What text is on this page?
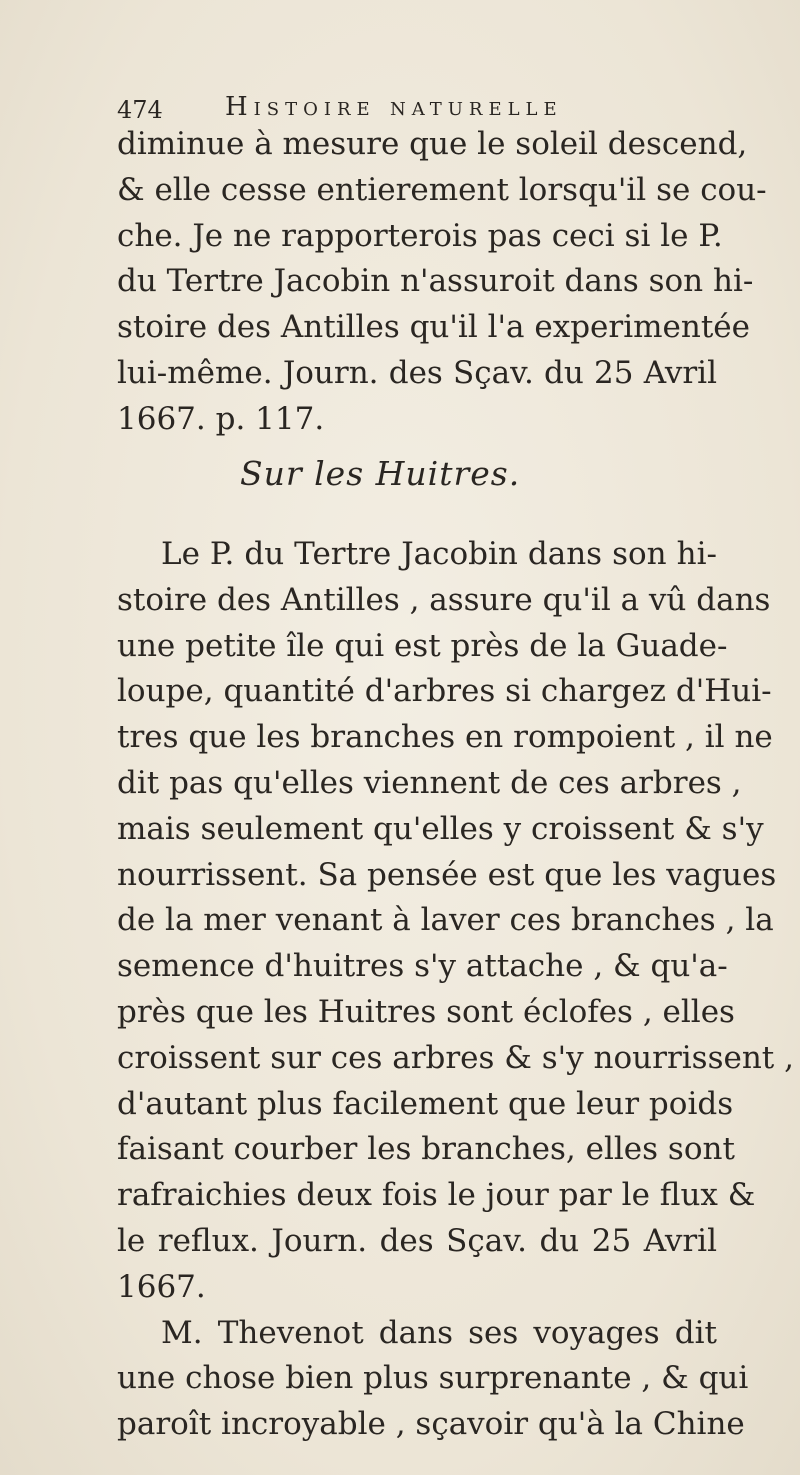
474 Histoire naturelle
diminue à mesure que le soleil descend,
& elle cesse entierement lorsqu'il se cou-
che. Je ne rapporterois pas ceci si le P.
du Tertre Jacobin n'assuroit dans son hi-
stoire des Antilles qu'il l'a experimentée
lui-même. Journ. des Sçav. du 25 Avril
1667. p. 117.
Sur les Huitres.
Le P. du Tertre Jacobin dans son hi-
stoire des Antilles , assure qu'il a vû dans
une petite île qui est près de la Guade-
loupe, quantité d'arbres si chargez d'Hui-
tres que les branches en rompoient , il ne
dit pas qu'elles viennent de ces arbres ,
mais seulement qu'elles y croissent & s'y
nourrissent. Sa pensée est que les vagues
de la mer venant à laver ces branches , la
semence d'huitres s'y attache , & qu'a-
près que les Huitres sont éclofes , elles
croissent sur ces arbres & s'y nourrissent ,
d'autant plus facilement que leur poids
faisant courber les branches, elles sont
rafraichies deux fois le jour par le flux &
le reflux. Journ. des Sçav. du 25 Avril
1667.
M. Thevenot dans ses voyages dit
une chose bien plus surprenante , & qui
paroît incroyable , sçavoir qu'à la Chine
